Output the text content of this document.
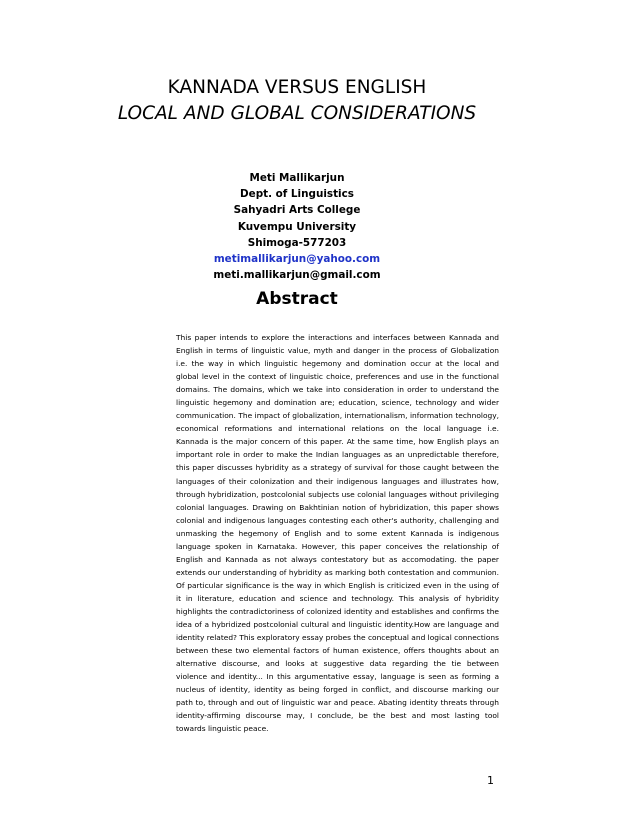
KANNADA VERSUS ENGLISH
LOCAL AND GLOBAL CONSIDERATIONS
Meti Mallikarjun
Dept. of Linguistics
Sahyadri Arts College
Kuvempu University
Shimoga-577203
metimallikarjun@yahoo.com
meti.mallikarjun@gmail.com
Abstract
This paper intends to explore the interactions and interfaces between Kannada and English in terms of linguistic value, myth and danger in the process of Globalization i.e. the way in which linguistic hegemony and domination occur at the local and global level in the context of linguistic choice, preferences and use in the functional domains. The domains, which we take into consideration in order to understand the linguistic hegemony and domination are; education, science, technology and wider communication. The impact of globalization, internationalism, information technology, economical reformations and international relations on the local language i.e. Kannada is the major concern of this paper. At the same time, how English plays an important role in order to make the Indian languages as an unpredictable therefore, this paper discusses hybridity as a strategy of survival for those caught between the languages of their colonization and their indigenous languages and illustrates how, through hybridization, postcolonial subjects use colonial languages without privileging colonial languages. Drawing on Bakhtinian notion of hybridization, this paper shows colonial and indigenous languages contesting each other's authority, challenging and unmasking the hegemony of English and to some extent Kannada is indigenous language spoken in Karnataka. However, this paper conceives the relationship of English and Kannada as not always contestatory but as accomodating. the paper extends our understanding of hybridity as marking both contestation and communion. Of particular significance is the way in which English is criticized even in the using of it in literature, education and science and technology. This analysis of hybridity highlights the contradictoriness of colonized identity and establishes and confirms the idea of a hybridized postcolonial cultural and linguistic identity.How are language and identity related? This exploratory essay probes the conceptual and logical connections between these two elemental factors of human existence, offers thoughts about an alternative discourse, and looks at suggestive data regarding the tie between violence and identity... In this argumentative essay, language is seen as forming a nucleus of identity, identity as being forged in conflict, and discourse marking our path to, through and out of linguistic war and peace. Abating identity threats through identity-affirming discourse may, I conclude, be the best and most lasting tool towards linguistic peace.
1
